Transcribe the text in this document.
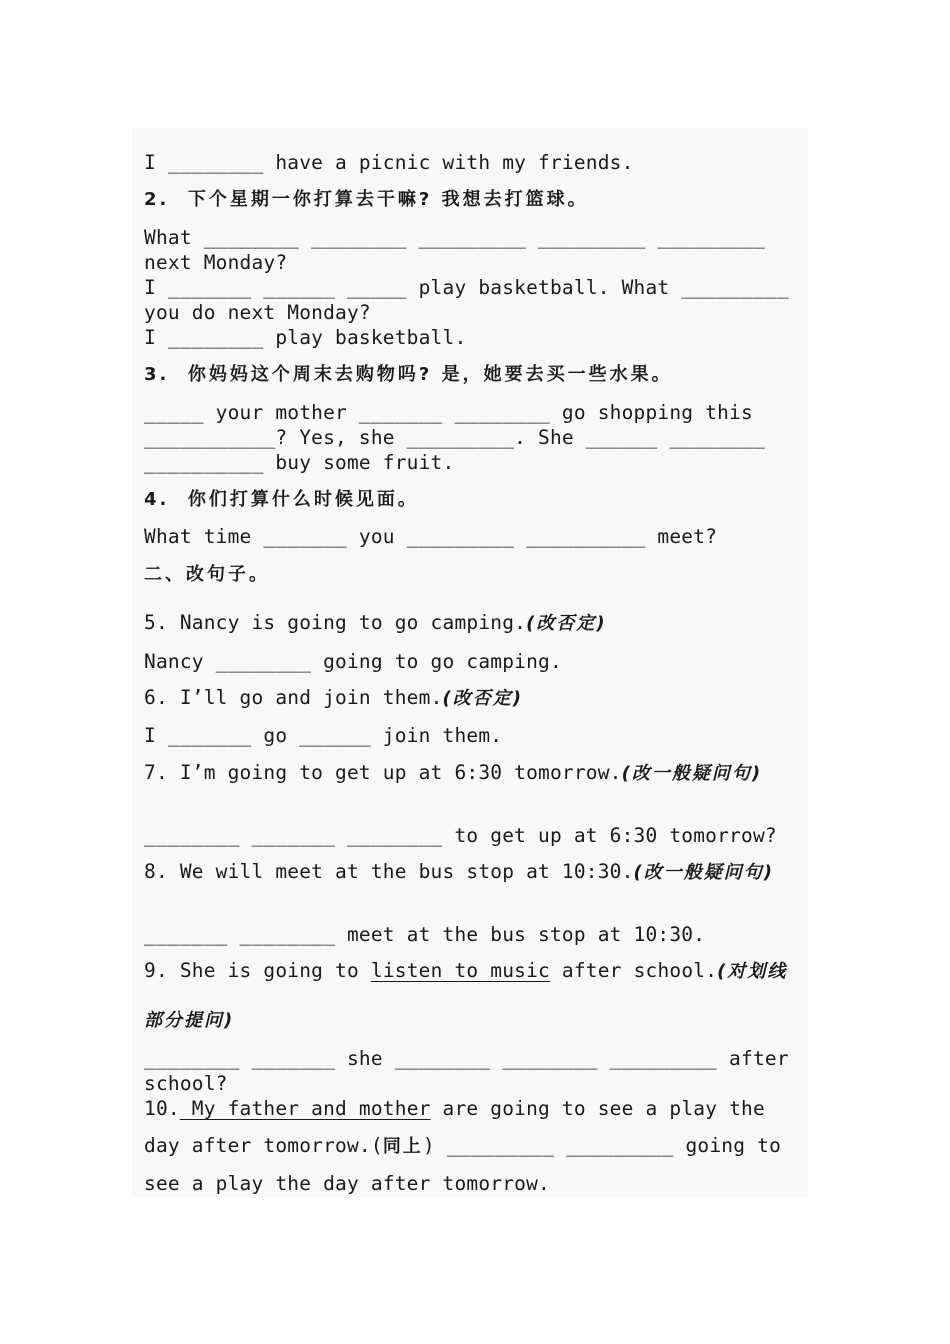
I ________ have a picnic with my friends.

2.  下个星期一你打算去干嘛? 我想去打篮球。

What ________ ________ _________ _________ _________

next Monday?

I _______ ______ _____ play basketball. What _________

you do next Monday?

I ________ play basketball.

3.  你妈妈这个周末去购物吗? 是，她要去买一些水果。

_____ your mother _______ ________ go shopping this

___________? Yes, she _________. She ______ ________

__________ buy some fruit.

4.  你们打算什么时候见面。

What time _______ you _________ __________ meet?

二、改句子。

5. Nancy is going to go camping.(改否定)

Nancy ________ going to go camping.

6. I’ll go and join them.(改否定)

I _______ go ______ join them.

7. I’m going to get up at 6:30 tomorrow.(改一般疑问句)

________ _______ ________ to get up at 6:30 tomorrow?

8. We will meet at the bus stop at 10:30.(改一般疑问句)

_______ ________ meet at the bus stop at 10:30.

9. She is going to listen to music after school.(对划线

部分提问)

________ _______ she ________ ________ _________ after

school?

10. My father and mother are going to see a play the

day after tomorrow.(同上) _________ _________ going to

see a play the day after tomorrow.
